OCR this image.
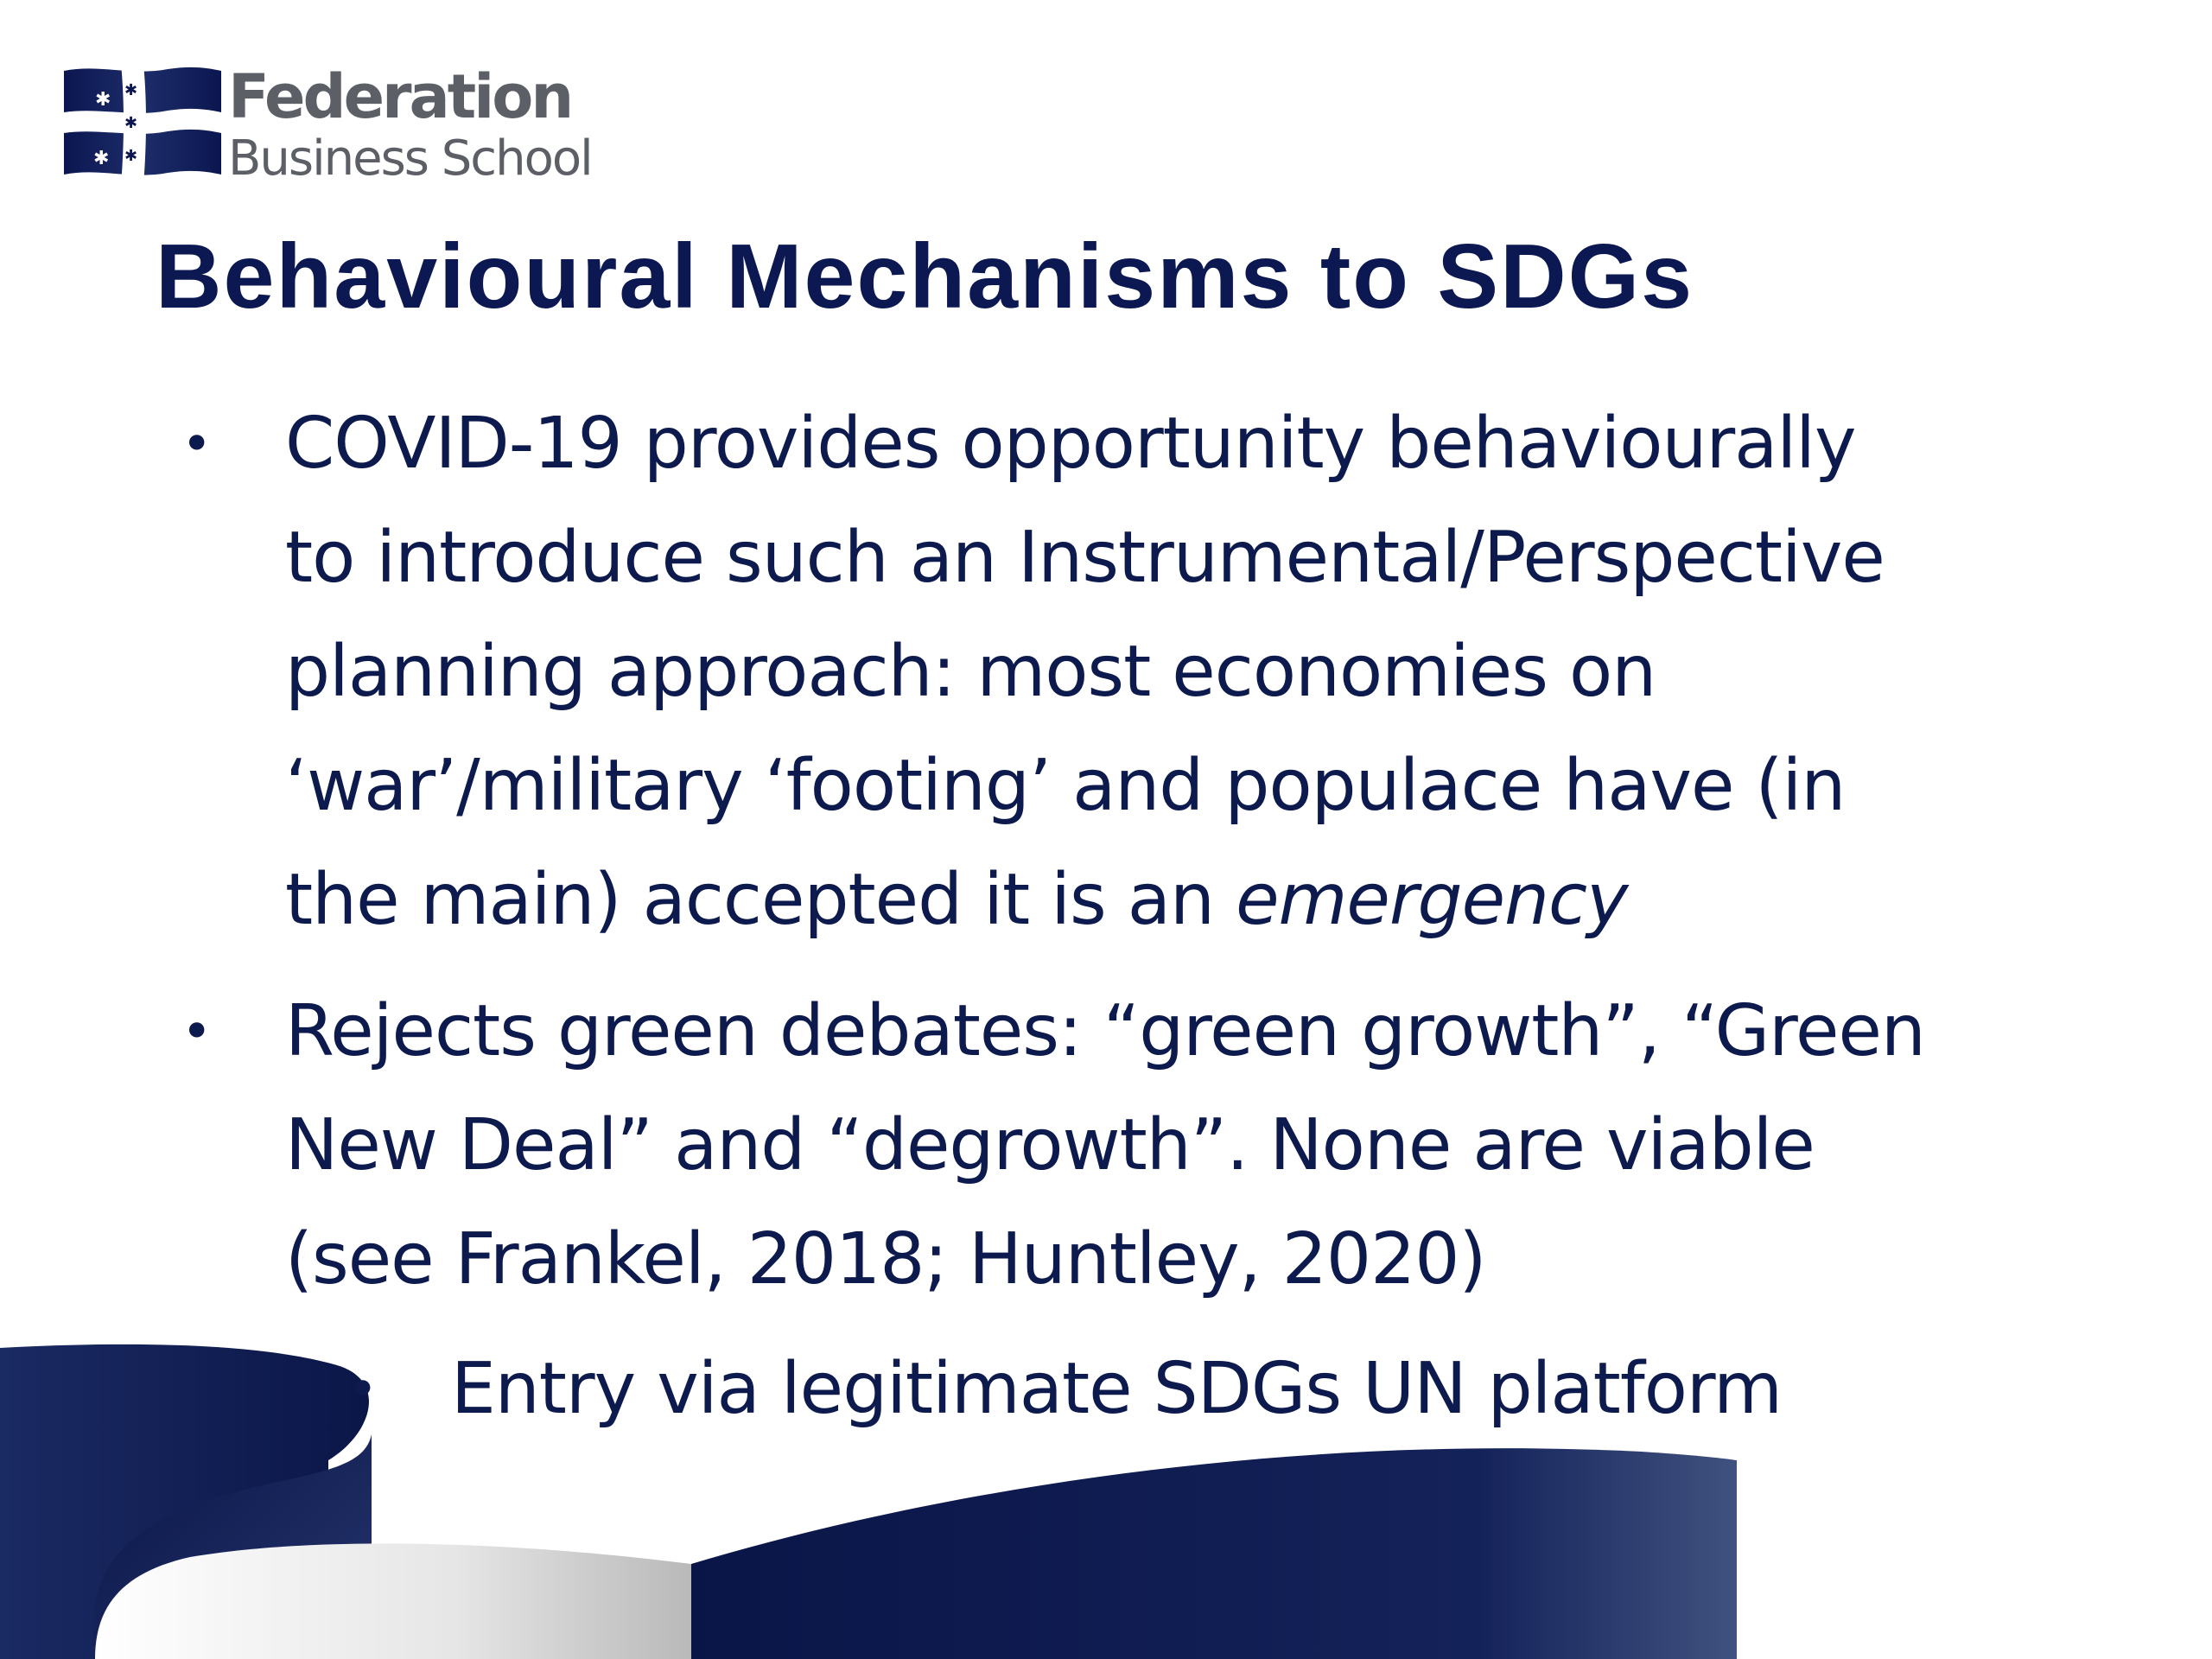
✱
✱
✱
✱
✱
✱ Federation
Business School
Behavioural Mechanisms to SDGs
• COVID-19 provides opportunity behaviourally
to introduce such an Instrumental/Perspective
planning approach: most economies on
‘war’/military ‘footing’ and populace have (in
the main) accepted it is an emergency
• Rejects green debates: “green growth”, “Green
New Deal” and “degrowth”. None are viable
(see Frankel, 2018; Huntley, 2020)
• Entry via legitimate SDGs UN platform
